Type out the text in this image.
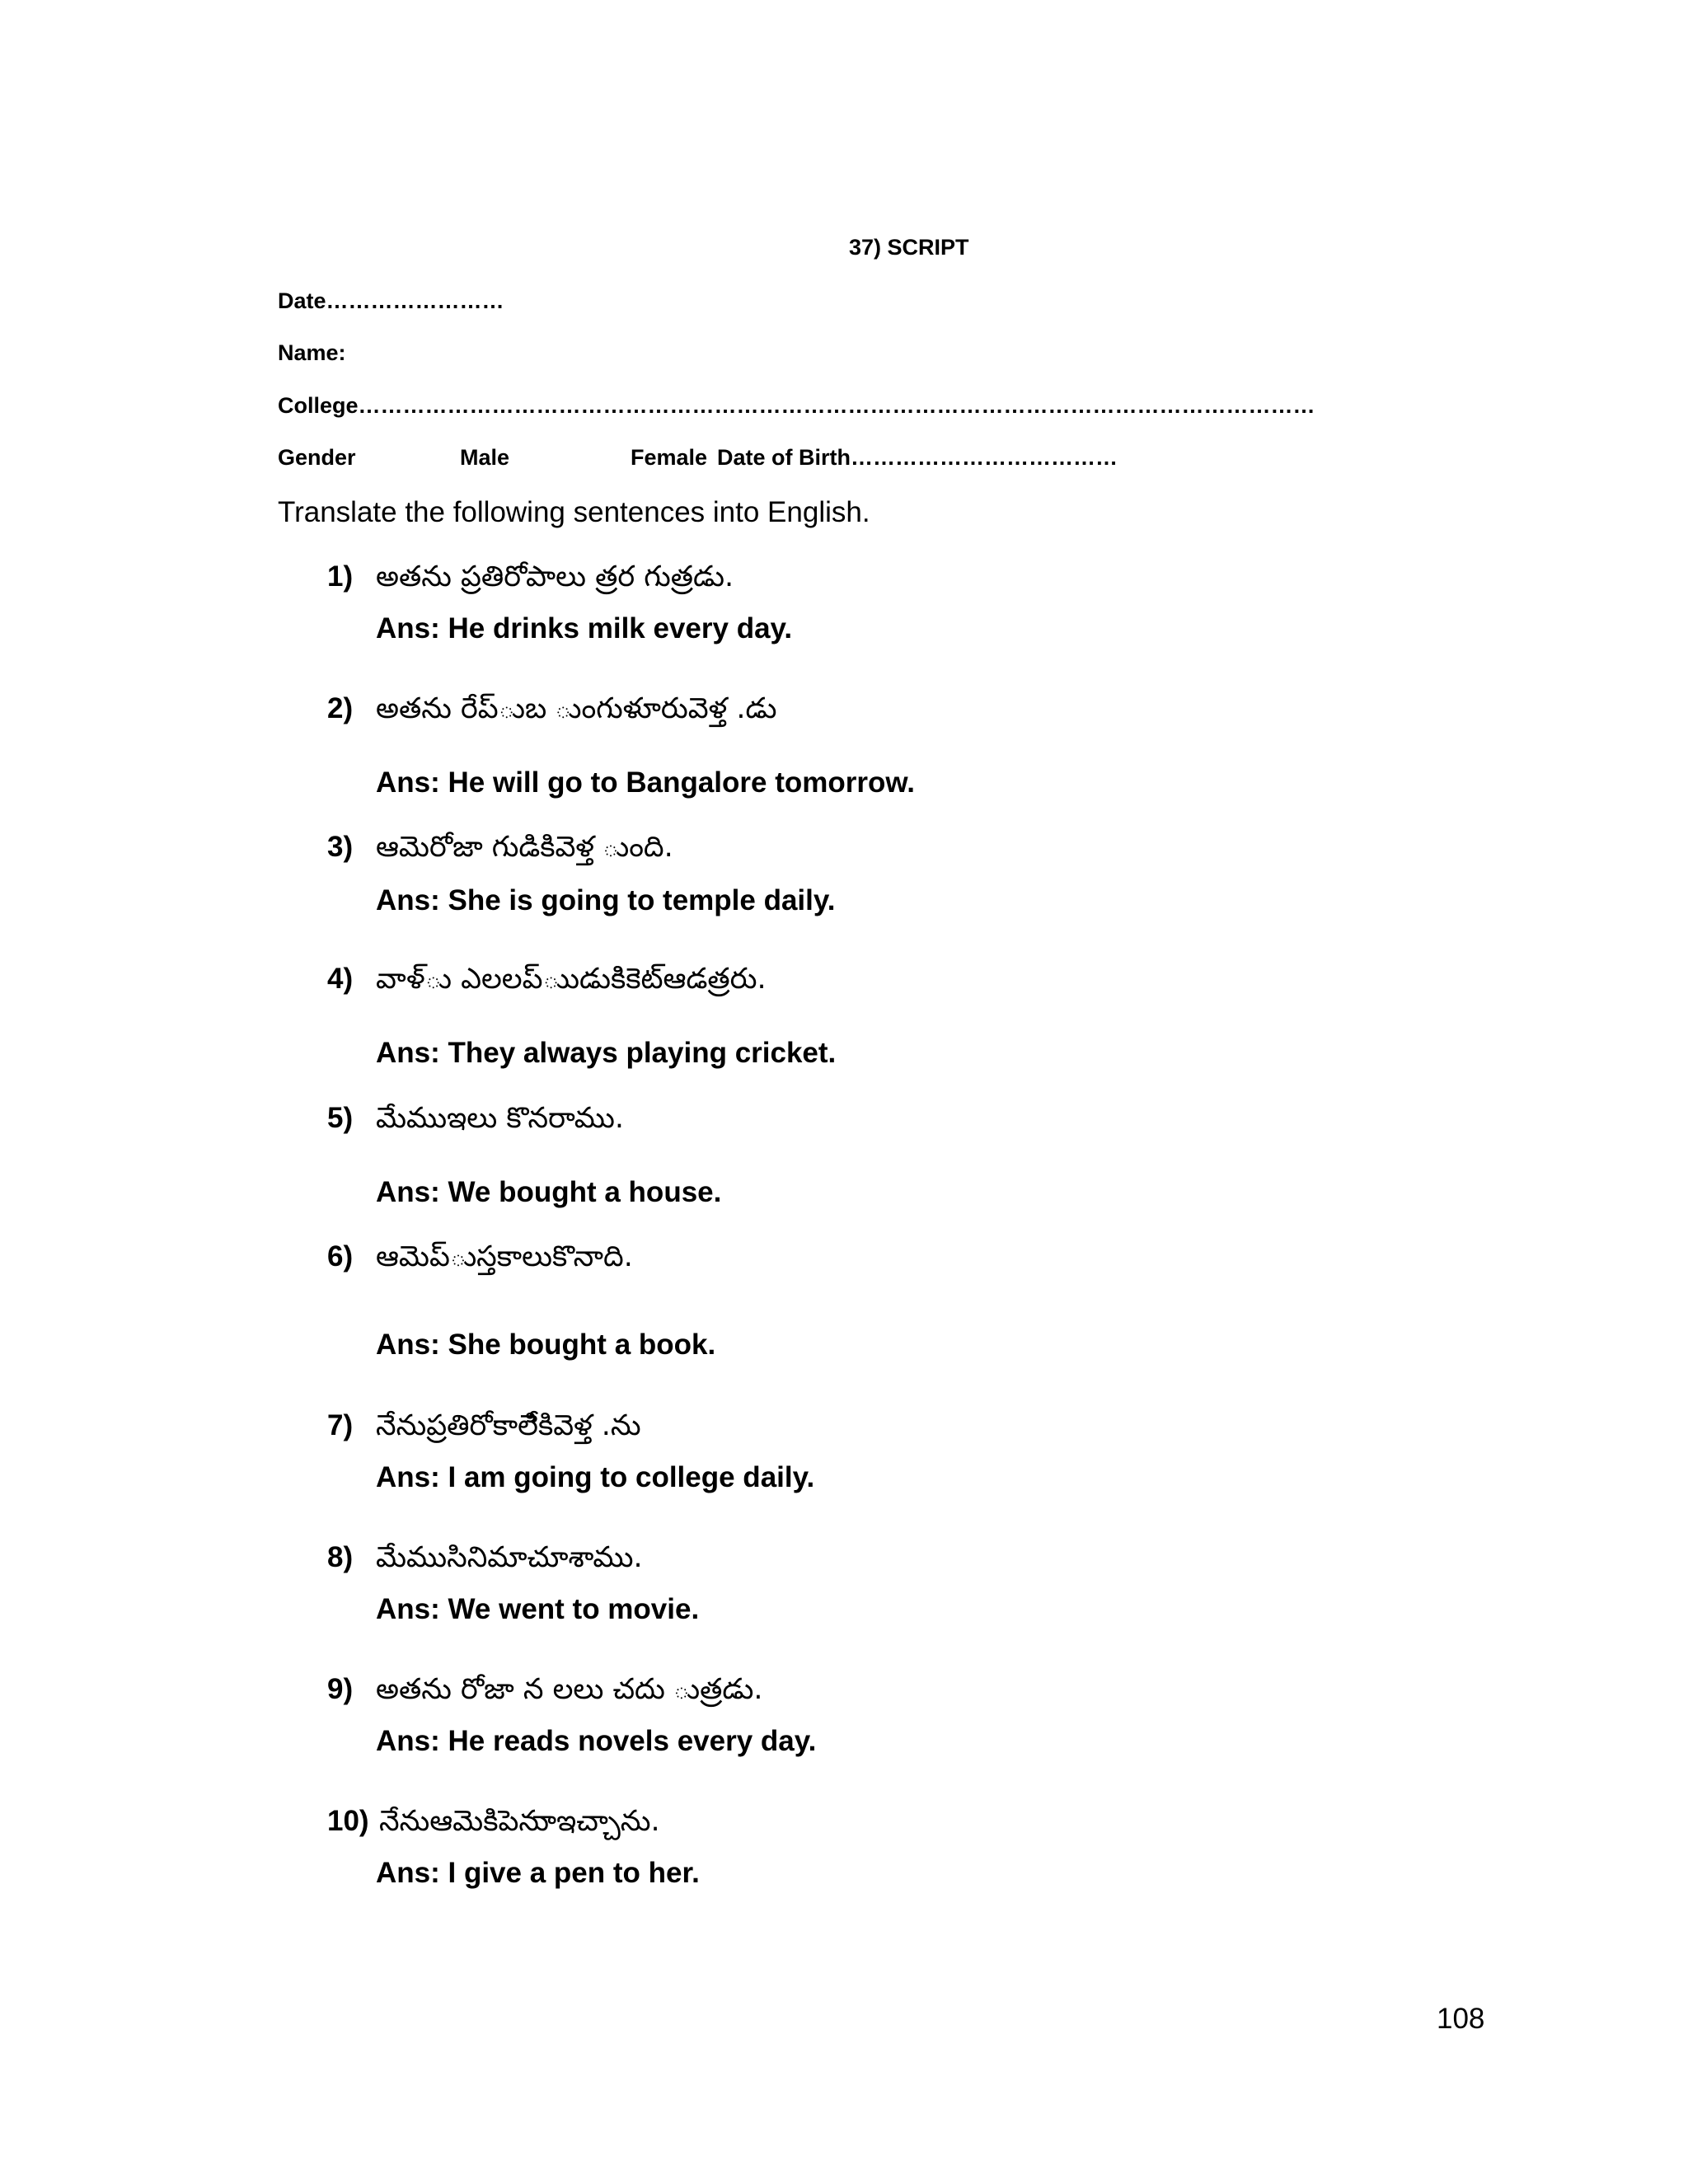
37) SCRIPT
Date……………………
Name:
College…………………………………………………………………………………………………………………
Gender	Male	Female Date of Birth………………………………
Translate the following sentences into English.
1) అతను ప్రతిరోపాలు త్రర గుత్రడు.
Ans: He drinks milk every day.
2) అతను రేప్ుబ ుంగుళూరువెళ్త .డు
Ans: He will go to Bangalore tomorrow.
3) ఆమెరోజా గుడికివెళ్త ుంది.
Ans: She is going to temple daily.
4) వాళ్ు ఎలలప్ుుడుకిికెట్ఆడత్రరు.
Ans: They always playing cricket.
5) మేముఇలు కొనరాము.
Ans: We bought a house.
6) ఆమెప్ుస్తకాలుకొనాది.
Ans: She bought a book.
7) నేనుప్రతిరోకాలేికివెళ్త .ను
Ans: I am going to college daily.
8) మేముసినిమాచూశాము.
Ans: We went to movie.
9) అతను రోజా న లలు చదు ుత్రడు.
Ans: He reads novels every day.
10) నేనుఆమెకిపెనుాఇచ్చాను.
Ans: I give a pen to her.
108
